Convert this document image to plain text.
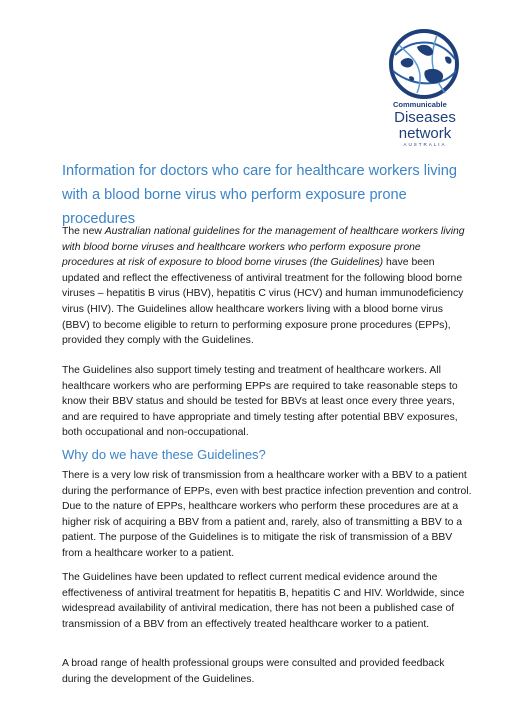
Communicable
Diseases
network
AUSTRALIA
Information for doctors who care for healthcare workers living with a blood borne virus who perform exposure prone procedures

The new Australian national guidelines for the management of healthcare workers living with blood borne viruses and healthcare workers who perform exposure prone procedures at risk of exposure to blood borne viruses (the Guidelines) have been updated and reflect the effectiveness of antiviral treatment for the following blood borne viruses – hepatitis B virus (HBV), hepatitis C virus (HCV) and human immunodeficiency virus (HIV). The Guidelines allow healthcare workers living with a blood borne virus (BBV) to become eligible to return to performing exposure prone procedures (EPPs), provided they comply with the Guidelines.

The Guidelines also support timely testing and treatment of healthcare workers. All healthcare workers who are performing EPPs are required to take reasonable steps to know their BBV status and should be tested for BBVs at least once every three years, and are required to have appropriate and timely testing after potential BBV exposures, both occupational and non-occupational.

Why do we have these Guidelines?

There is a very low risk of transmission from a healthcare worker with a BBV to a patient during the performance of EPPs, even with best practice infection prevention and control. Due to the nature of EPPs, healthcare workers who perform these procedures are at a higher risk of acquiring a BBV from a patient and, rarely, also of transmitting a BBV to a patient. The purpose of the Guidelines is to mitigate the risk of transmission of a BBV from a healthcare worker to a patient.

The Guidelines have been updated to reflect current medical evidence around the effectiveness of antiviral treatment for hepatitis B, hepatitis C and HIV. Worldwide, since widespread availability of antiviral medication, there has not been a published case of transmission of a BBV from an effectively treated healthcare worker to a patient.

A broad range of health professional groups were consulted and provided feedback during the development of the Guidelines.
